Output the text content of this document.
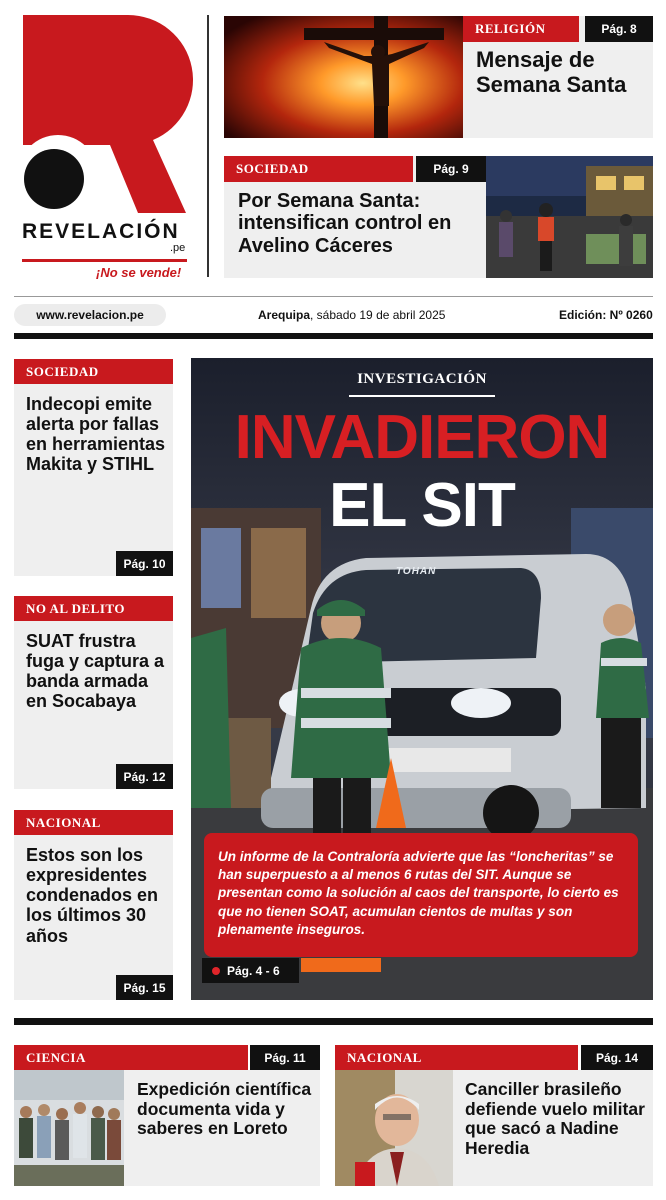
REVELACIÓN
.pe
¡No se vende!
RELIGIÓN	Pág. 8
Mensaje de Semana Santa
SOCIEDAD	Pág. 9
Por Semana Santa: intensifican control en Avelino Cáceres
www.revelacion.pe	Arequipa, sábado 19 de abril 2025	Edición: Nº 0260
SOCIEDAD
Indecopi emite alerta por fallas en herramientas Makita y STIHL
Pág. 10
NO AL DELITO
SUAT frustra fuga y captura a banda armada en Socabaya
Pág. 12
NACIONAL
Estos son los expresidentes condenados en los últimos 30 años
Pág. 15
INVESTIGACIÓN
INVADIERON
EL SIT
TOHAN
Un informe de la Contraloría advierte que las “loncheritas” se han superpuesto a al menos 6 rutas del SIT. Aunque se presentan como la solución al caos del transporte, lo cierto es que no tienen SOAT, acumulan cientos de multas y son plenamente inseguros.
Pág. 4 - 6
CIENCIA	Pág. 11
Expedición científica documenta vida y saberes en Loreto
NACIONAL	Pág. 14
Canciller brasileño defiende vuelo militar que sacó a Nadine Heredia
